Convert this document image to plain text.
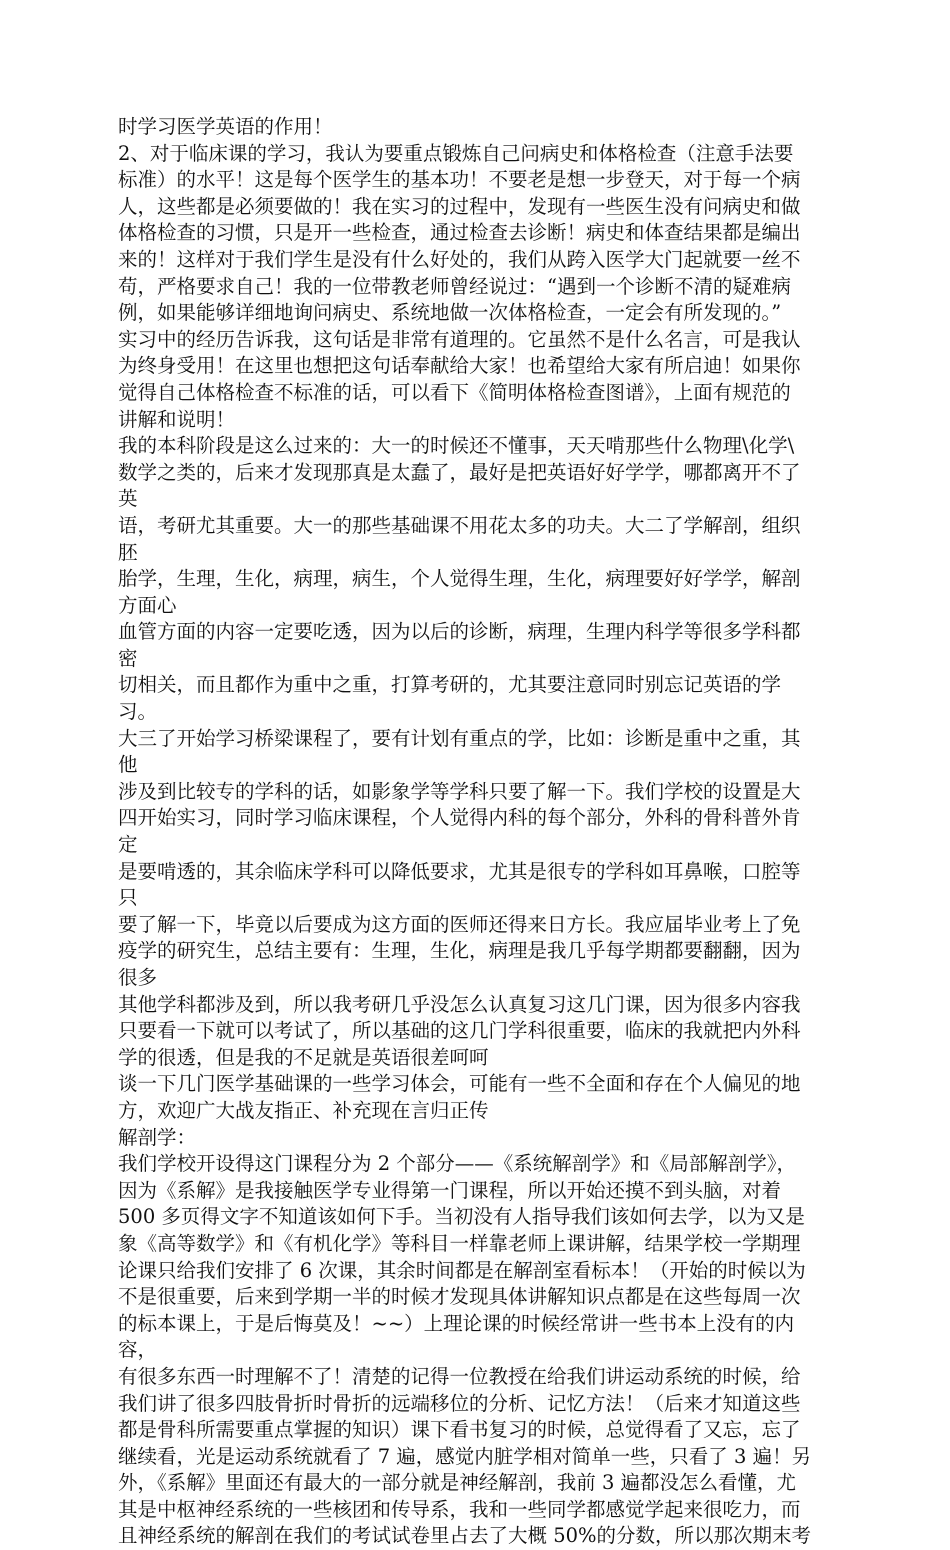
时学习医学英语的作用！

2、对于临床课的学习，我认为要重点锻炼自己问病史和体格检查（注意手法要
标准）的水平！这是每个医学生的基本功！不要老是想一步登天，对于每一个病
人，这些都是必须要做的！我在实习的过程中，发现有一些医生没有问病史和做
体格检查的习惯，只是开一些检查，通过检查去诊断！病史和体查结果都是编出
来的！这样对于我们学生是没有什么好处的，我们从跨入医学大门起就要一丝不
苟，严格要求自己！我的一位带教老师曾经说过：“遇到一个诊断不清的疑难病
例，如果能够详细地询问病史、系统地做一次体格检查，一定会有所发现的。”
实习中的经历告诉我，这句话是非常有道理的。它虽然不是什么名言，可是我认
为终身受用！在这里也想把这句话奉献给大家！也希望给大家有所启迪！如果你
觉得自己体格检查不标准的话，可以看下《简明体格检查图谱》，上面有规范的
讲解和说明！

我的本科阶段是这么过来的：大一的时候还不懂事，天天啃那些什么物理\化学\
数学之类的，后来才发现那真是太蠢了，最好是把英语好好学学，哪都离开不了英
语，考研尤其重要。大一的那些基础课不用花太多的功夫。大二了学解剖，组织胚
胎学，生理，生化，病理，病生，个人觉得生理，生化，病理要好好学学，解剖方面心
血管方面的内容一定要吃透，因为以后的诊断，病理，生理内科学等很多学科都密
切相关，而且都作为重中之重，打算考研的，尤其要注意同时别忘记英语的学习。
大三了开始学习桥梁课程了，要有计划有重点的学，比如：诊断是重中之重，其他
涉及到比较专的学科的话，如影象学等学科只要了解一下。我们学校的设置是大
四开始实习，同时学习临床课程，个人觉得内科的每个部分，外科的骨科普外肯定
是要啃透的，其余临床学科可以降低要求，尤其是很专的学科如耳鼻喉，口腔等只
要了解一下，毕竟以后要成为这方面的医师还得来日方长。我应届毕业考上了免
疫学的研究生，总结主要有：生理，生化，病理是我几乎每学期都要翻翻，因为很多
其他学科都涉及到，所以我考研几乎没怎么认真复习这几门课，因为很多内容我
只要看一下就可以考试了，所以基础的这几门学科很重要，临床的我就把内外科
学的很透，但是我的不足就是英语很差呵呵

谈一下几门医学基础课的一些学习体会，可能有一些不全面和存在个人偏见的地
方，欢迎广大战友指正、补充现在言归正传

解剖学：

我们学校开设得这门课程分为 2 个部分——《系统解剖学》和《局部解剖学》，
因为《系解》是我接触医学专业得第一门课程，所以开始还摸不到头脑，对着
500 多页得文字不知道该如何下手。当初没有人指导我们该如何去学，以为又是
象《高等数学》和《有机化学》等科目一样靠老师上课讲解，结果学校一学期理
论课只给我们安排了 6 次课，其余时间都是在解剖室看标本！（开始的时候以为
不是很重要，后来到学期一半的时候才发现具体讲解知识点都是在这些每周一次
的标本课上，于是后悔莫及！~~）上理论课的时候经常讲一些书本上没有的内容，
有很多东西一时理解不了！清楚的记得一位教授在给我们讲运动系统的时候，给
我们讲了很多四肢骨折时骨折的远端移位的分析、记忆方法！（后来才知道这些
都是骨科所需要重点掌握的知识）课下看书复习的时候，总觉得看了又忘，忘了
继续看，光是运动系统就看了 7 遍，感觉内脏学相对简单一些，只看了 3 遍！另
外，《系解》里面还有最大的一部分就是神经解剖，我前 3 遍都没怎么看懂，尤
其是中枢神经系统的一些核团和传导系，我和一些同学都感觉学起来很吃力，而
且神经系统的解剖在我们的考试试卷里占去了大概 50%的分数，所以那次期末考
